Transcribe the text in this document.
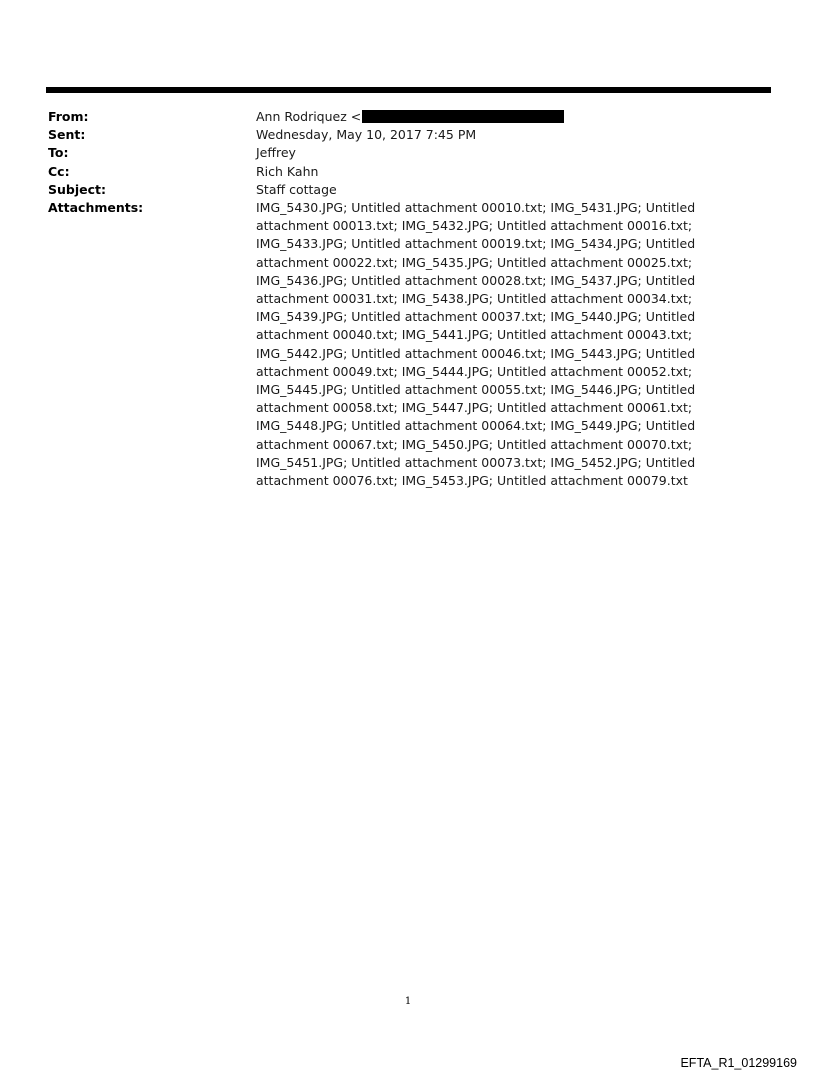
From:	Ann Rodriquez <
Sent:	Wednesday, May 10, 2017 7:45 PM
To:	Jeffrey
Cc:	Rich Kahn
Subject:	Staff cottage
Attachments:	IMG_5430.JPG; Untitled attachment 00010.txt; IMG_5431.JPG; Untitled attachment 00013.txt; IMG_5432.JPG; Untitled attachment 00016.txt; IMG_5433.JPG; Untitled attachment 00019.txt; IMG_5434.JPG; Untitled attachment 00022.txt; IMG_5435.JPG; Untitled attachment 00025.txt; IMG_5436.JPG; Untitled attachment 00028.txt; IMG_5437.JPG; Untitled attachment 00031.txt; IMG_5438.JPG; Untitled attachment 00034.txt; IMG_5439.JPG; Untitled attachment 00037.txt; IMG_5440.JPG; Untitled attachment 00040.txt; IMG_5441.JPG; Untitled attachment 00043.txt; IMG_5442.JPG; Untitled attachment 00046.txt; IMG_5443.JPG; Untitled attachment 00049.txt; IMG_5444.JPG; Untitled attachment 00052.txt; IMG_5445.JPG; Untitled attachment 00055.txt; IMG_5446.JPG; Untitled attachment 00058.txt; IMG_5447.JPG; Untitled attachment 00061.txt; IMG_5448.JPG; Untitled attachment 00064.txt; IMG_5449.JPG; Untitled attachment 00067.txt; IMG_5450.JPG; Untitled attachment 00070.txt; IMG_5451.JPG; Untitled attachment 00073.txt; IMG_5452.JPG; Untitled attachment 00076.txt; IMG_5453.JPG; Untitled attachment 00079.txt
1
EFTA_R1_01299169
